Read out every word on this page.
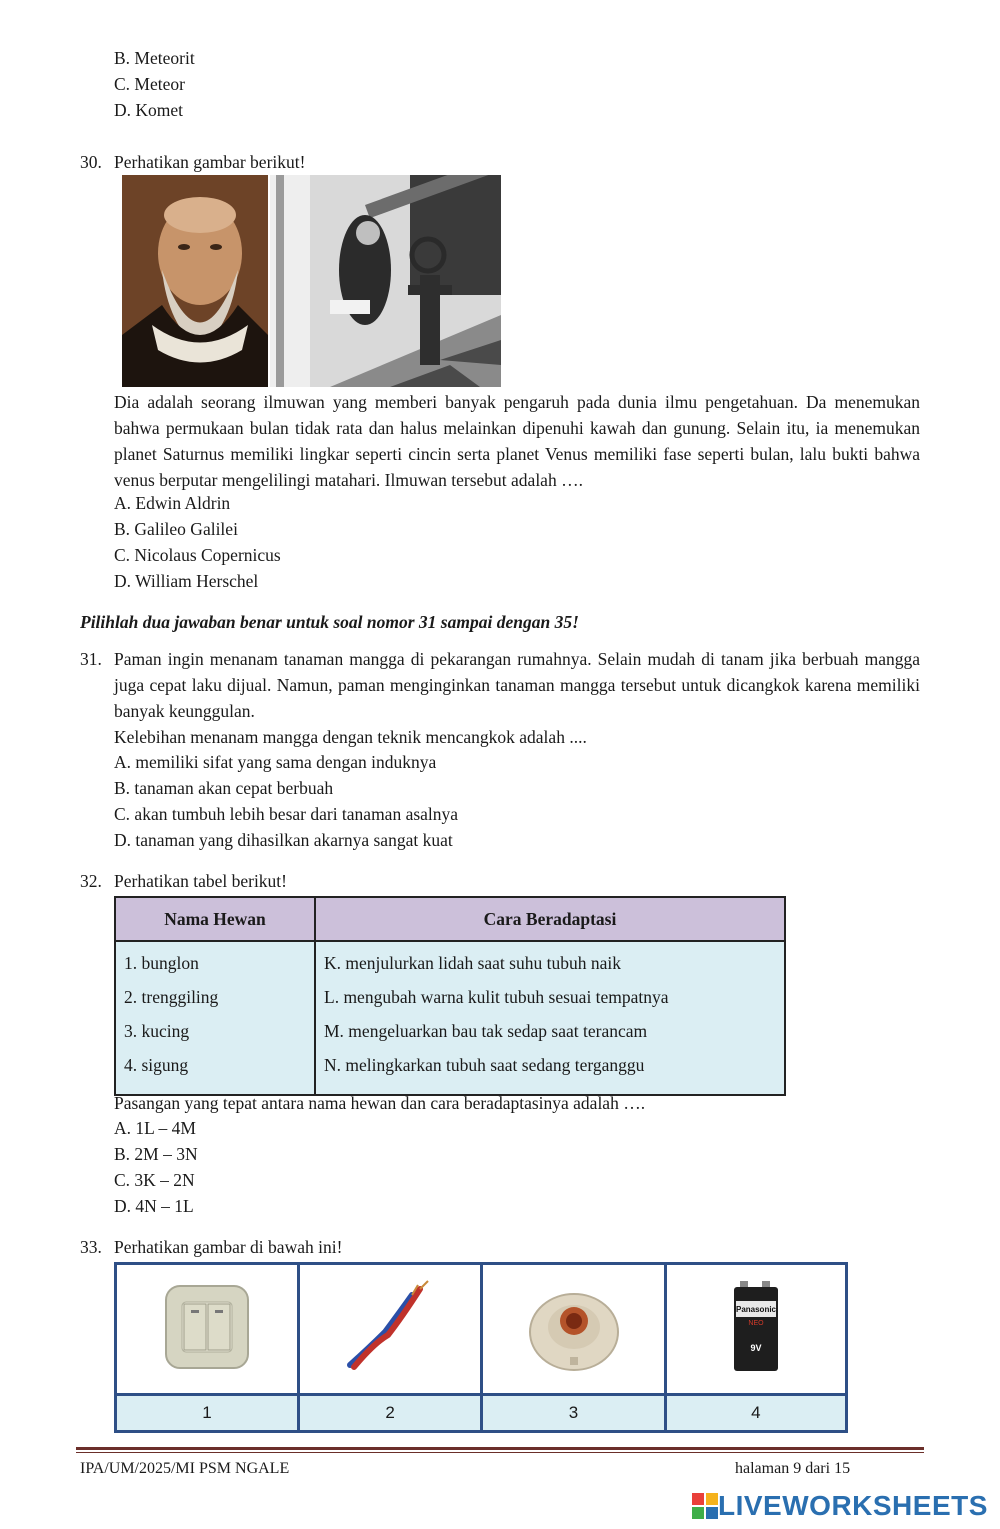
B. Meteorit
C. Meteor
D. Komet
30. Perhatikan gambar berikut!
Dia adalah seorang ilmuwan yang memberi banyak pengaruh pada dunia ilmu pengetahuan. Da menemukan bahwa permukaan bulan tidak rata dan halus melainkan dipenuhi kawah dan gunung. Selain itu, ia menemukan planet Saturnus memiliki lingkar seperti cincin serta planet Venus memiliki fase seperti bulan, lalu bukti bahwa venus berputar mengelilingi matahari. Ilmuwan tersebut adalah ….
A. Edwin Aldrin
B. Galileo Galilei
C. Nicolaus Copernicus
D. William Herschel
Pilihlah dua jawaban benar untuk soal nomor 31 sampai dengan 35!
31. Paman ingin menanam tanaman mangga di pekarangan rumahnya. Selain mudah di tanam jika berbuah mangga juga cepat laku dijual. Namun, paman menginginkan tanaman mangga tersebut untuk dicangkok karena memiliki banyak keunggulan.
Kelebihan menanam mangga dengan teknik mencangkok adalah ....
A. memiliki sifat yang sama dengan induknya
B. tanaman akan cepat berbuah
C. akan tumbuh lebih besar dari tanaman asalnya
D. tanaman yang dihasilkan akarnya sangat kuat
32. Perhatikan tabel berikut!
Nama Hewan	Cara Beradaptasi
1. bunglon	K. menjulurkan lidah saat suhu tubuh naik
2. trenggiling	L. mengubah warna kulit tubuh sesuai tempatnya
3. kucing	M. mengeluarkan bau tak sedap saat terancam
4. sigung	N. melingkarkan tubuh saat sedang terganggu
Pasangan yang tepat antara nama hewan dan cara beradaptasinya adalah ….
A. 1L – 4M
B. 2M – 3N
C. 3K – 2N
D. 4N – 1L
33. Perhatikan gambar di bawah ini!

Panasonic
NEO
9V

1	2	3	4
IPA/UM/2025/MI PSM NGALE	halaman 9 dari 15
LIVEWORKSHEETS
